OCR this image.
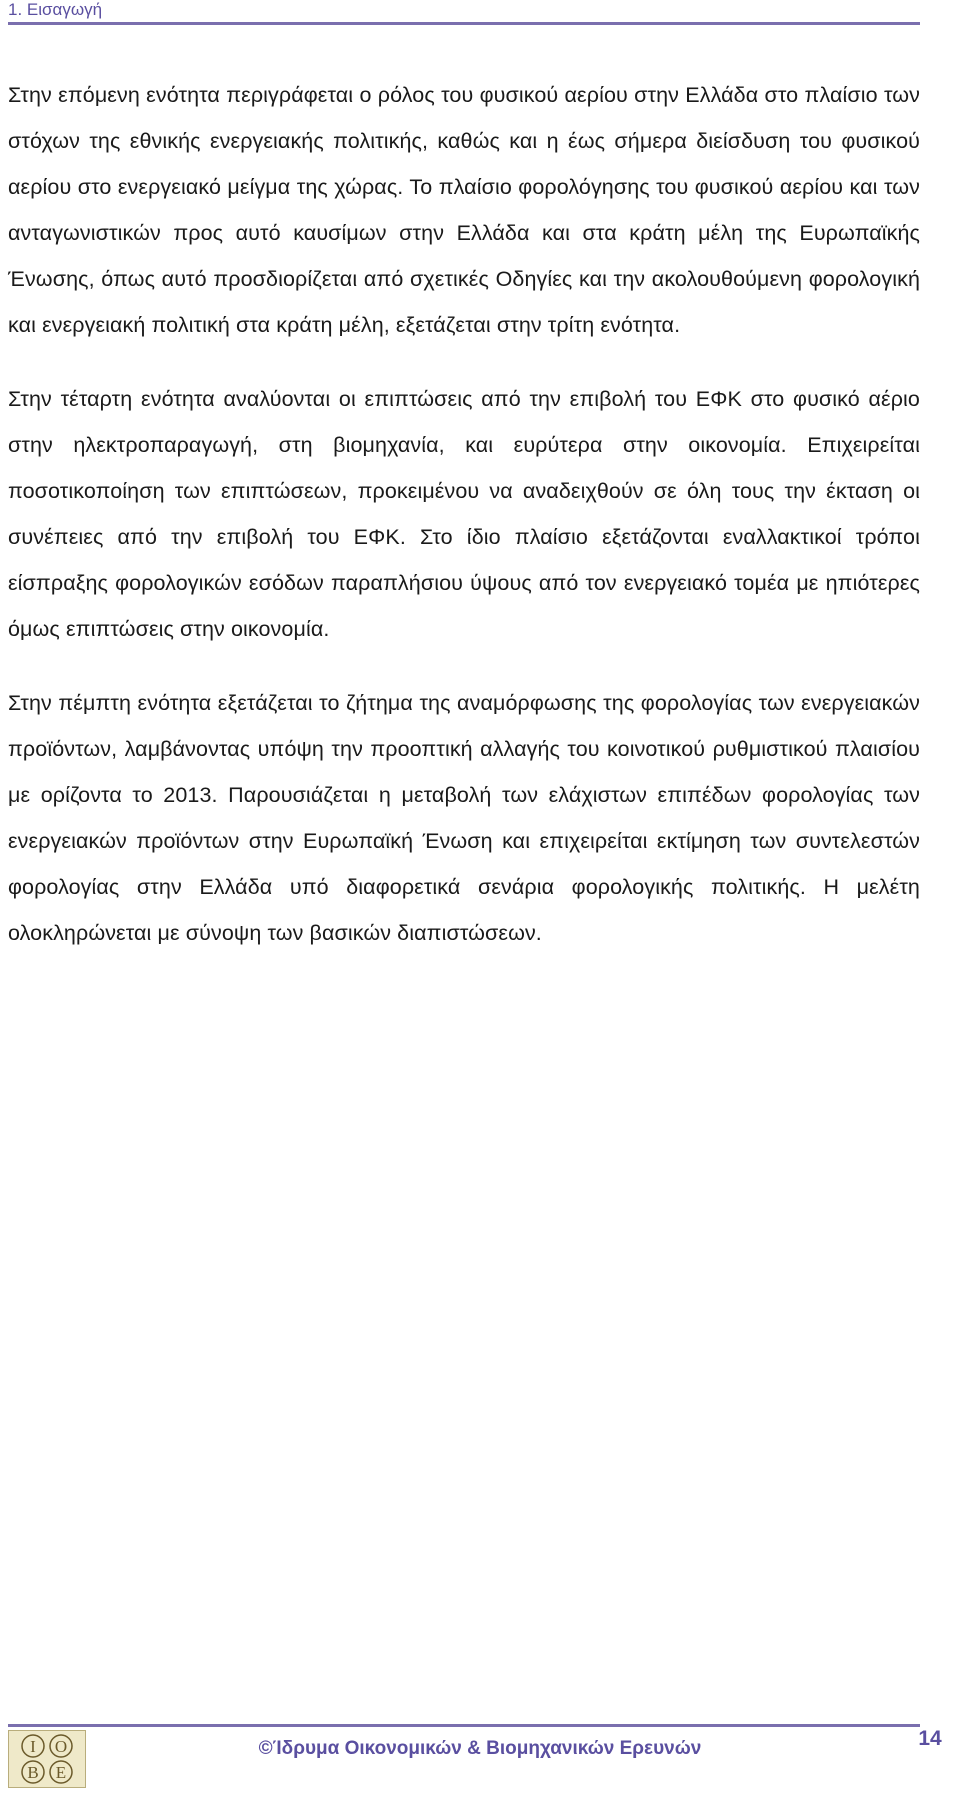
1. Εισαγωγή

Στην επόμενη ενότητα περιγράφεται ο ρόλος του φυσικού αερίου στην Ελλάδα στο πλαίσιο των στόχων της εθνικής ενεργειακής πολιτικής, καθώς και η έως σήμερα διείσδυση του φυσικού αερίου στο ενεργειακό μείγμα της χώρας. Το πλαίσιο φορολόγησης του φυσικού αερίου και των ανταγωνιστικών προς αυτό καυσίμων στην Ελλάδα και στα κράτη μέλη της Ευρωπαϊκής Ένωσης, όπως αυτό προσδιορίζεται από σχετικές Οδηγίες και την ακολουθούμενη φορολογική και ενεργειακή πολιτική στα κράτη μέλη, εξετάζεται στην τρίτη ενότητα.

Στην τέταρτη ενότητα αναλύονται οι επιπτώσεις από την επιβολή του ΕΦΚ στο φυσικό αέριο στην ηλεκτροπαραγωγή, στη βιομηχανία, και ευρύτερα στην οικονομία. Επιχειρείται ποσοτικοποίηση των επιπτώσεων, προκειμένου να αναδειχθούν σε όλη τους την έκταση οι συνέπειες από την επιβολή του ΕΦΚ. Στο ίδιο πλαίσιο εξετάζονται εναλλακτικοί τρόποι είσπραξης φορολογικών εσόδων παραπλήσιου ύψους από τον ενεργειακό τομέα με ηπιότερες όμως επιπτώσεις στην οικονομία.

Στην πέμπτη ενότητα εξετάζεται το ζήτημα της αναμόρφωσης της φορολογίας των ενεργειακών προϊόντων, λαμβάνοντας υπόψη την προοπτική αλλαγής του κοινοτικού ρυθμιστικού πλαισίου με ορίζοντα το 2013. Παρουσιάζεται η μεταβολή των ελάχιστων επιπέδων φορολογίας των ενεργειακών προϊόντων στην Ευρωπαϊκή Ένωση και επιχειρείται εκτίμηση των συντελεστών φορολογίας στην Ελλάδα υπό διαφορετικά σενάρια φορολογικής πολιτικής. Η μελέτη ολοκληρώνεται με σύνοψη των βασικών διαπιστώσεων.

Ι Ο
Β Ε
©Ίδρυμα Οικονομικών & Βιομηχανικών Ερευνών	14
